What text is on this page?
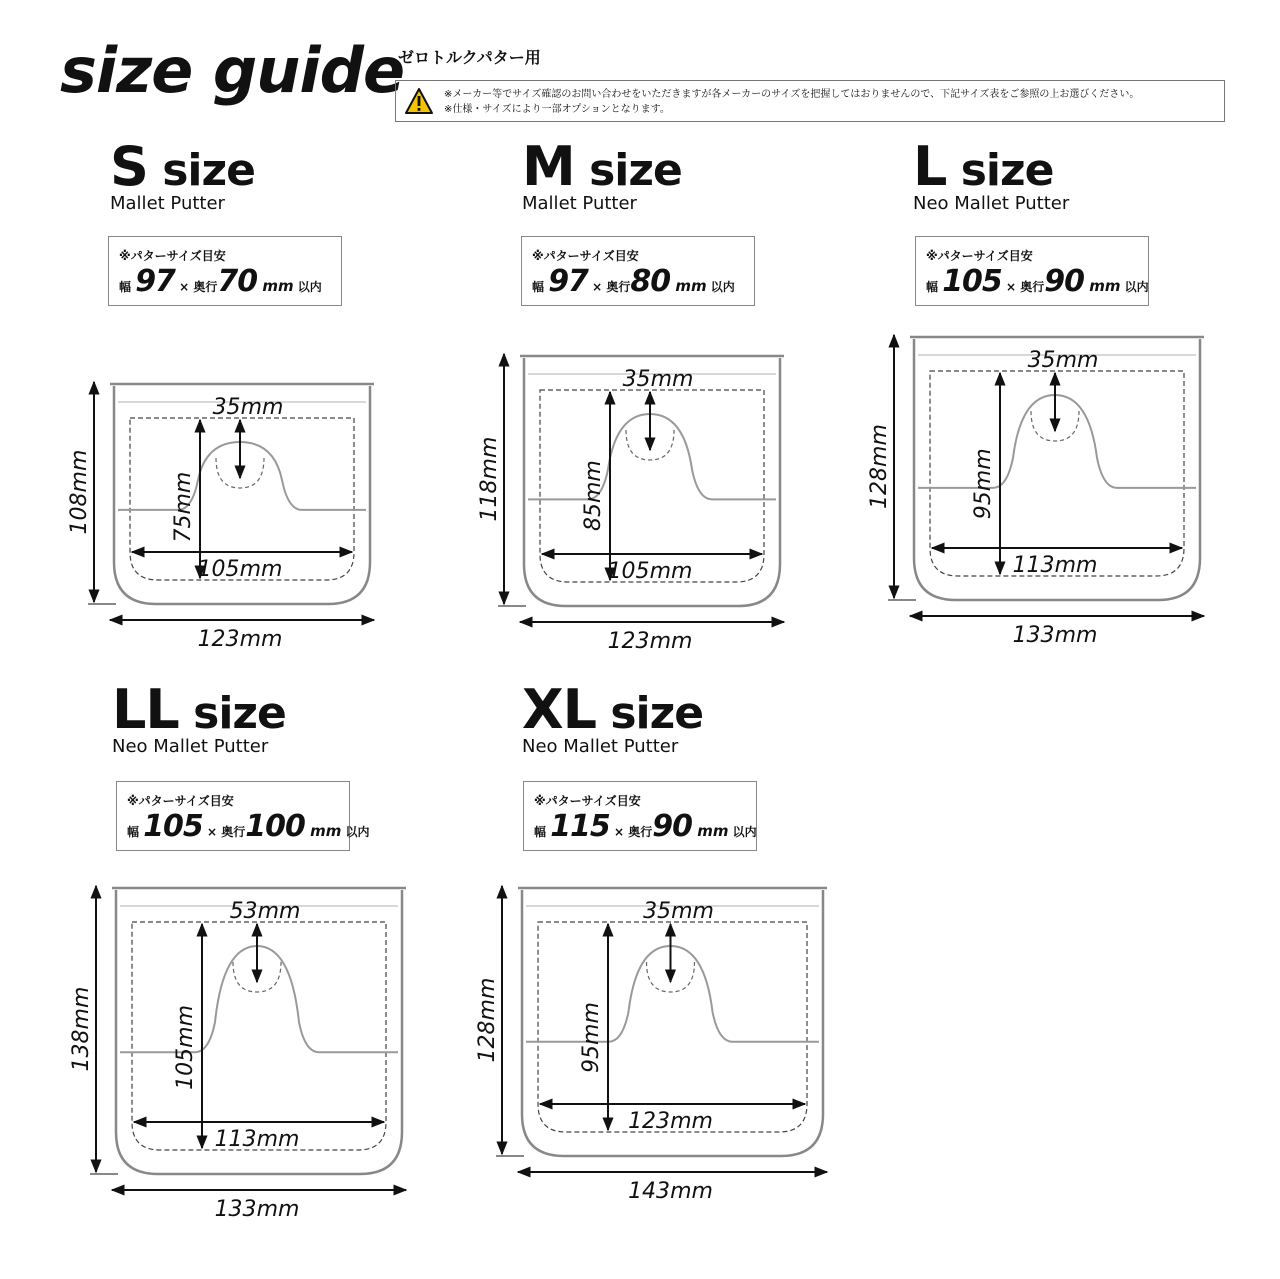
size guide
ゼロトルクパター用
※メーカー等でサイズ確認のお問い合わせをいただきますが各メーカーのサイズを把握してはおりませんので、下記サイズ表をご参照の上お選びください。
※仕様・サイズにより一部オプションとなります。
S size
Mallet Putter
※パターサイズ目安
幅 97 × 奥行70 mm 以内
M size
Mallet Putter
※パターサイズ目安
幅 97 × 奥行80 mm 以内
L size
Neo Mallet Putter
※パターサイズ目安
幅 105 × 奥行90 mm 以内
LL size
Neo Mallet Putter
※パターサイズ目安
幅 105 × 奥行100 mm 以内
XL size
Neo Mallet Putter
※パターサイズ目安
幅 115 × 奥行90 mm 以内
35mm
75mm
105mm
108mm
123mm
35mm
85mm
105mm
118mm
123mm
35mm
95mm
113mm
128mm
133mm
53mm
105mm
113mm
138mm
133mm
35mm
95mm
123mm
128mm
143mm
